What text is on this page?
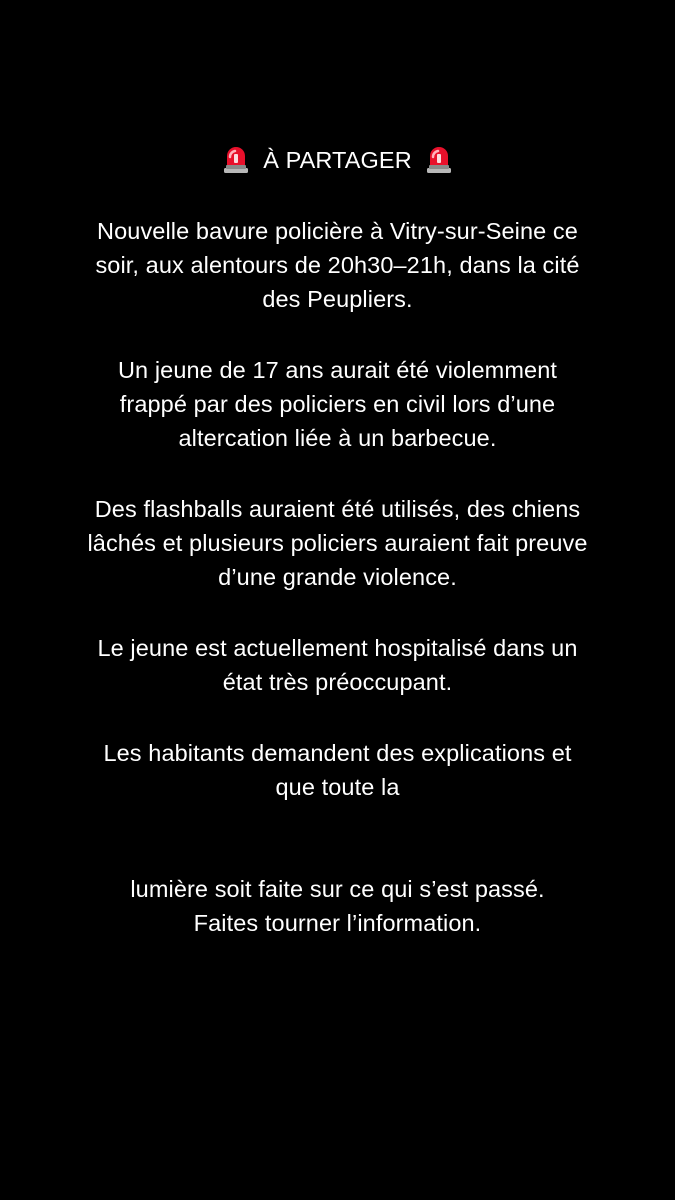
À PARTAGER
Nouvelle bavure policière à Vitry-sur-Seine ce
soir, aux alentours de 20h30–21h, dans la cité
des Peupliers.
Un jeune de 17 ans aurait été violemment
frappé par des policiers en civil lors d’une
altercation liée à un barbecue.
Des flashballs auraient été utilisés, des chiens
lâchés et plusieurs policiers auraient fait preuve
d’une grande violence.
Le jeune est actuellement hospitalisé dans un
état très préoccupant.
Les habitants demandent des explications et
que toute la
lumière soit faite sur ce qui s’est passé.
Faites tourner l’information.
